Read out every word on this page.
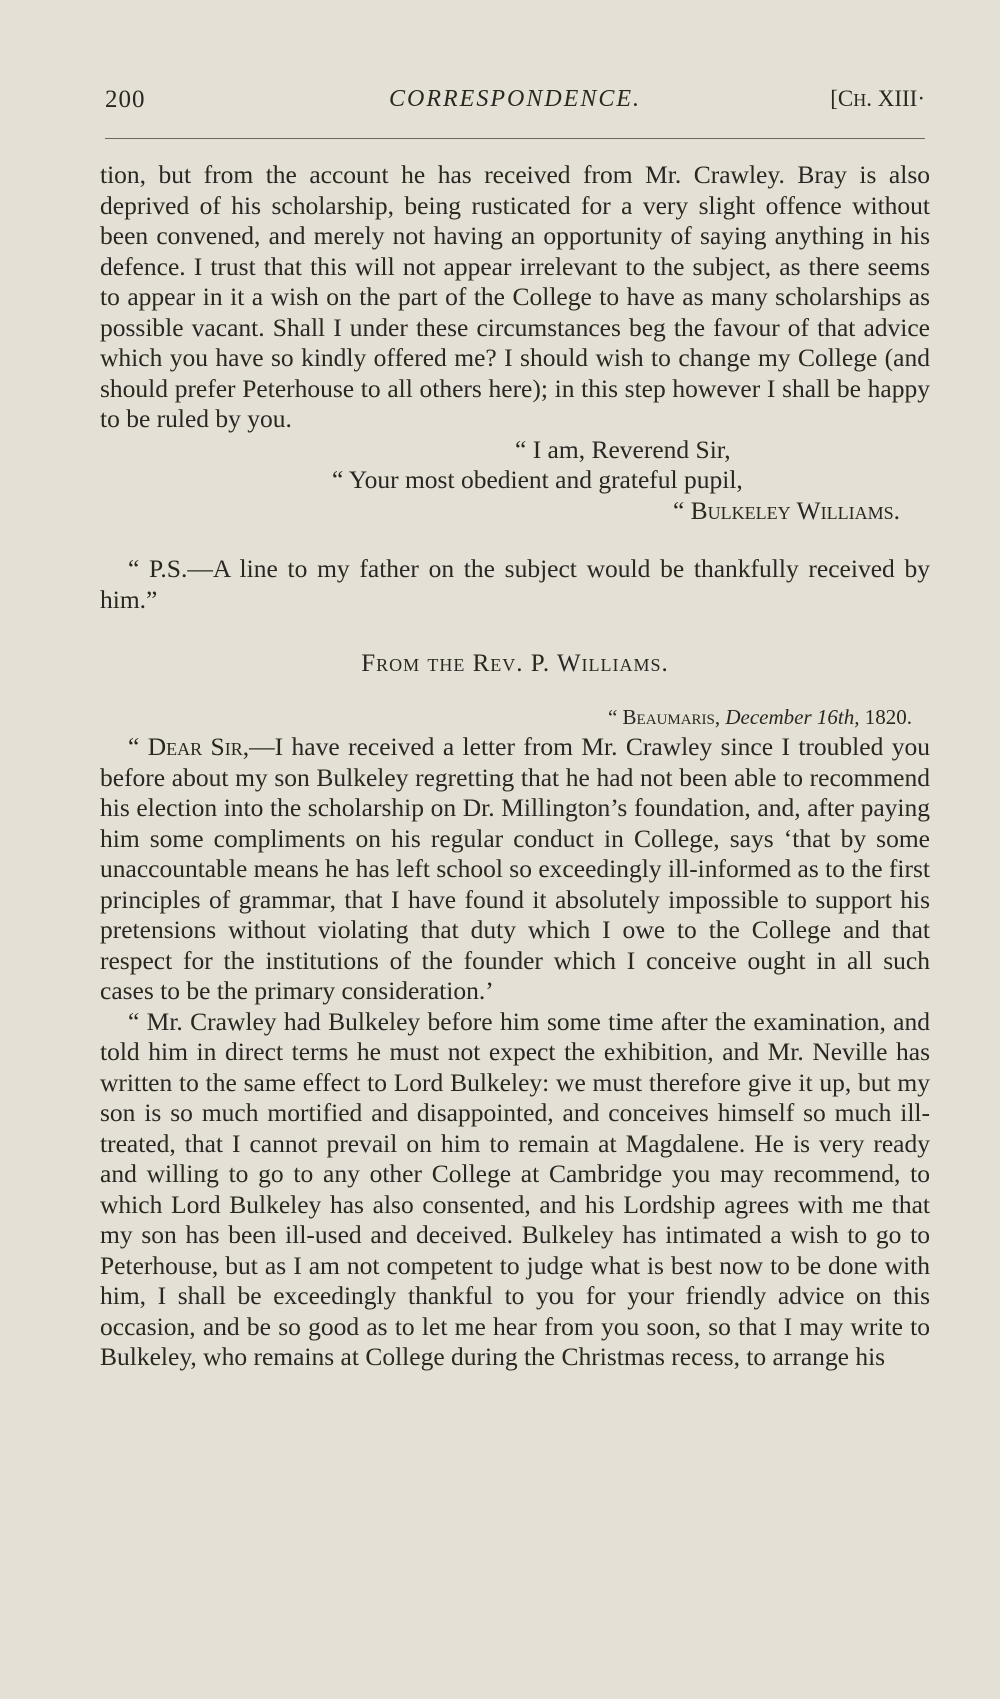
200	CORRESPONDENCE.	[CH. XIII·

tion, but from the account he has received from Mr. Crawley. Bray is also deprived of his scholarship, being rusticated for a very slight offence without been convened, and merely not having an opportunity of saying anything in his defence. I trust that this will not appear irrelevant to the subject, as there seems to appear in it a wish on the part of the College to have as many scholarships as possible vacant. Shall I under these circumstances beg the favour of that advice which you have so kindly offered me? I should wish to change my College (and should prefer Peterhouse to all others here); in this step however I shall be happy to be ruled by you.

“ I am, Reverend Sir,

“ Your most obedient and grateful pupil,

“ Bulkeley Williams.

“ P.S.—A line to my father on the subject would be thankfully received by him.”

From the Rev. P. Williams.

“ Beaumaris, December 16th, 1820.

“ Dear Sir,—I have received a letter from Mr. Crawley since I troubled you before about my son Bulkeley regretting that he had not been able to recommend his election into the scholarship on Dr. Millington’s foundation, and, after paying him some compliments on his regular conduct in College, says ‘that by some unaccountable means he has left school so exceedingly ill-informed as to the first principles of grammar, that I have found it absolutely impossible to support his pretensions without violating that duty which I owe to the College and that respect for the institutions of the founder which I conceive ought in all such cases to be the primary consideration.’

“ Mr. Crawley had Bulkeley before him some time after the examination, and told him in direct terms he must not expect the exhibition, and Mr. Neville has written to the same effect to Lord Bulkeley: we must therefore give it up, but my son is so much mortified and disappointed, and conceives himself so much ill-treated, that I cannot prevail on him to remain at Magdalene. He is very ready and willing to go to any other College at Cambridge you may recommend, to which Lord Bulkeley has also consented, and his Lordship agrees with me that my son has been ill-used and deceived. Bulkeley has intimated a wish to go to Peterhouse, but as I am not competent to judge what is best now to be done with him, I shall be exceedingly thankful to you for your friendly advice on this occasion, and be so good as to let me hear from you soon, so that I may write to Bulkeley, who remains at College during the Christmas recess, to arrange his
